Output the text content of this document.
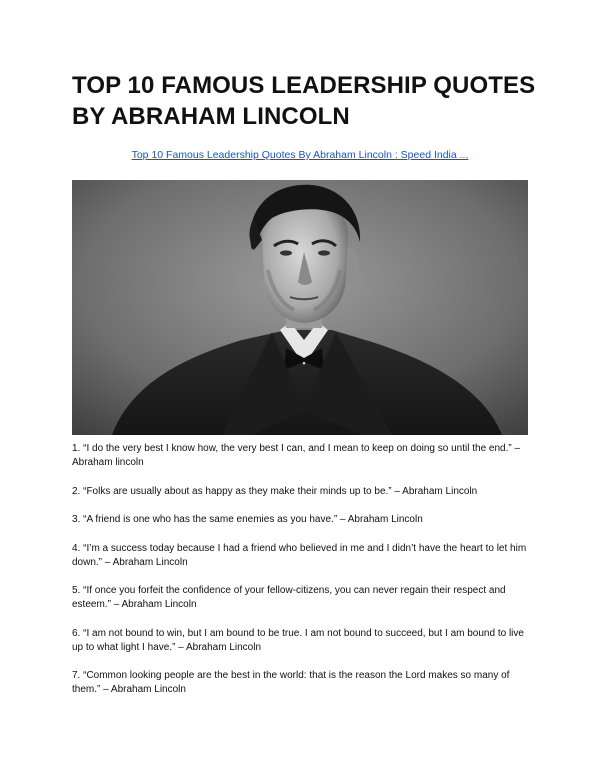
TOP 10 FAMOUS LEADERSHIP QUOTES BY ABRAHAM LINCOLN
Top 10 Famous Leadership Quotes By Abraham Lincoln : Speed India ...
1. “I do the very best I know how, the very best I can, and I mean to keep on doing so until the end.” – Abraham lincoln
2. “Folks are usually about as happy as they make their minds up to be.” – Abraham Lincoln
3. “A friend is one who has the same enemies as you have.” – Abraham Lincoln
4. “I’m a success today because I had a friend who believed in me and I didn’t have the heart to let him down.” – Abraham Lincoln
5. “If once you forfeit the confidence of your fellow-citizens, you can never regain their respect and esteem.” – Abraham Lincoln
6. “I am not bound to win, but I am bound to be true. I am not bound to succeed, but I am bound to live up to what light I have.” – Abraham Lincoln
7. “Common looking people are the best in the world: that is the reason the Lord makes so many of them.” – Abraham Lincoln
